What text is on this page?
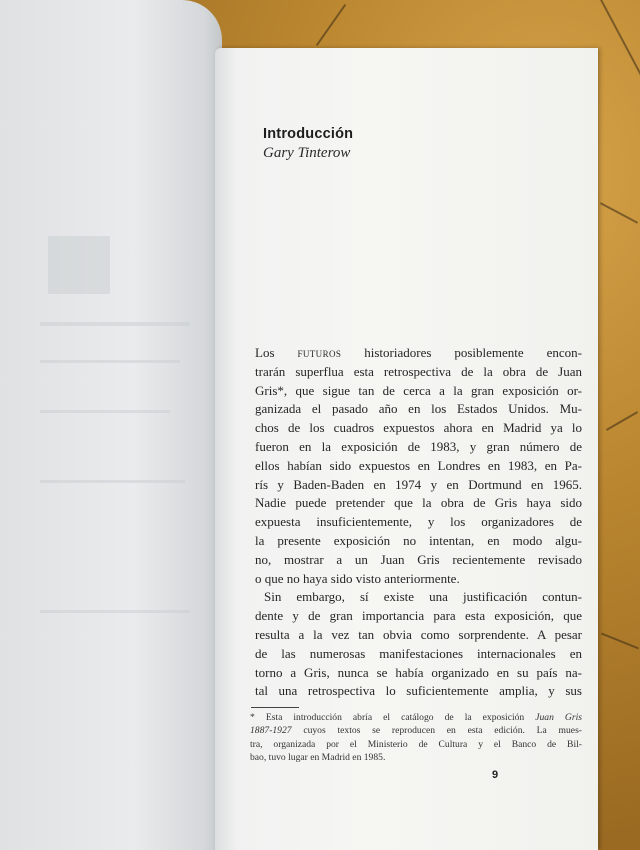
Introducción
Gary Tinterow
Los futuros historiadores posiblemente encon-
trarán superflua esta retrospectiva de la obra de Juan
Gris*, que sigue tan de cerca a la gran exposición or-
ganizada el pasado año en los Estados Unidos. Mu-
chos de los cuadros expuestos ahora en Madrid ya lo
fueron en la exposición de 1983, y gran número de
ellos habían sido expuestos en Londres en 1983, en Pa-
rís y Baden-Baden en 1974 y en Dortmund en 1965.
Nadie puede pretender que la obra de Gris haya sido
expuesta insuficientemente, y los organizadores de
la presente exposición no intentan, en modo algu-
no, mostrar a un Juan Gris recientemente revisado
o que no haya sido visto anteriormente.
Sin embargo, sí existe una justificación contun-
dente y de gran importancia para esta exposición, que
resulta a la vez tan obvia como sorprendente. A pesar
de las numerosas manifestaciones internacionales en
torno a Gris, nunca se había organizado en su país na-
tal una retrospectiva lo suficientemente amplia, y sus
* Esta introducción abría el catálogo de la exposición Juan Gris
1887-1927 cuyos textos se reproducen en esta edición. La mues-
tra, organizada por el Ministerio de Cultura y el Banco de Bil-
bao, tuvo lugar en Madrid en 1985.
9
